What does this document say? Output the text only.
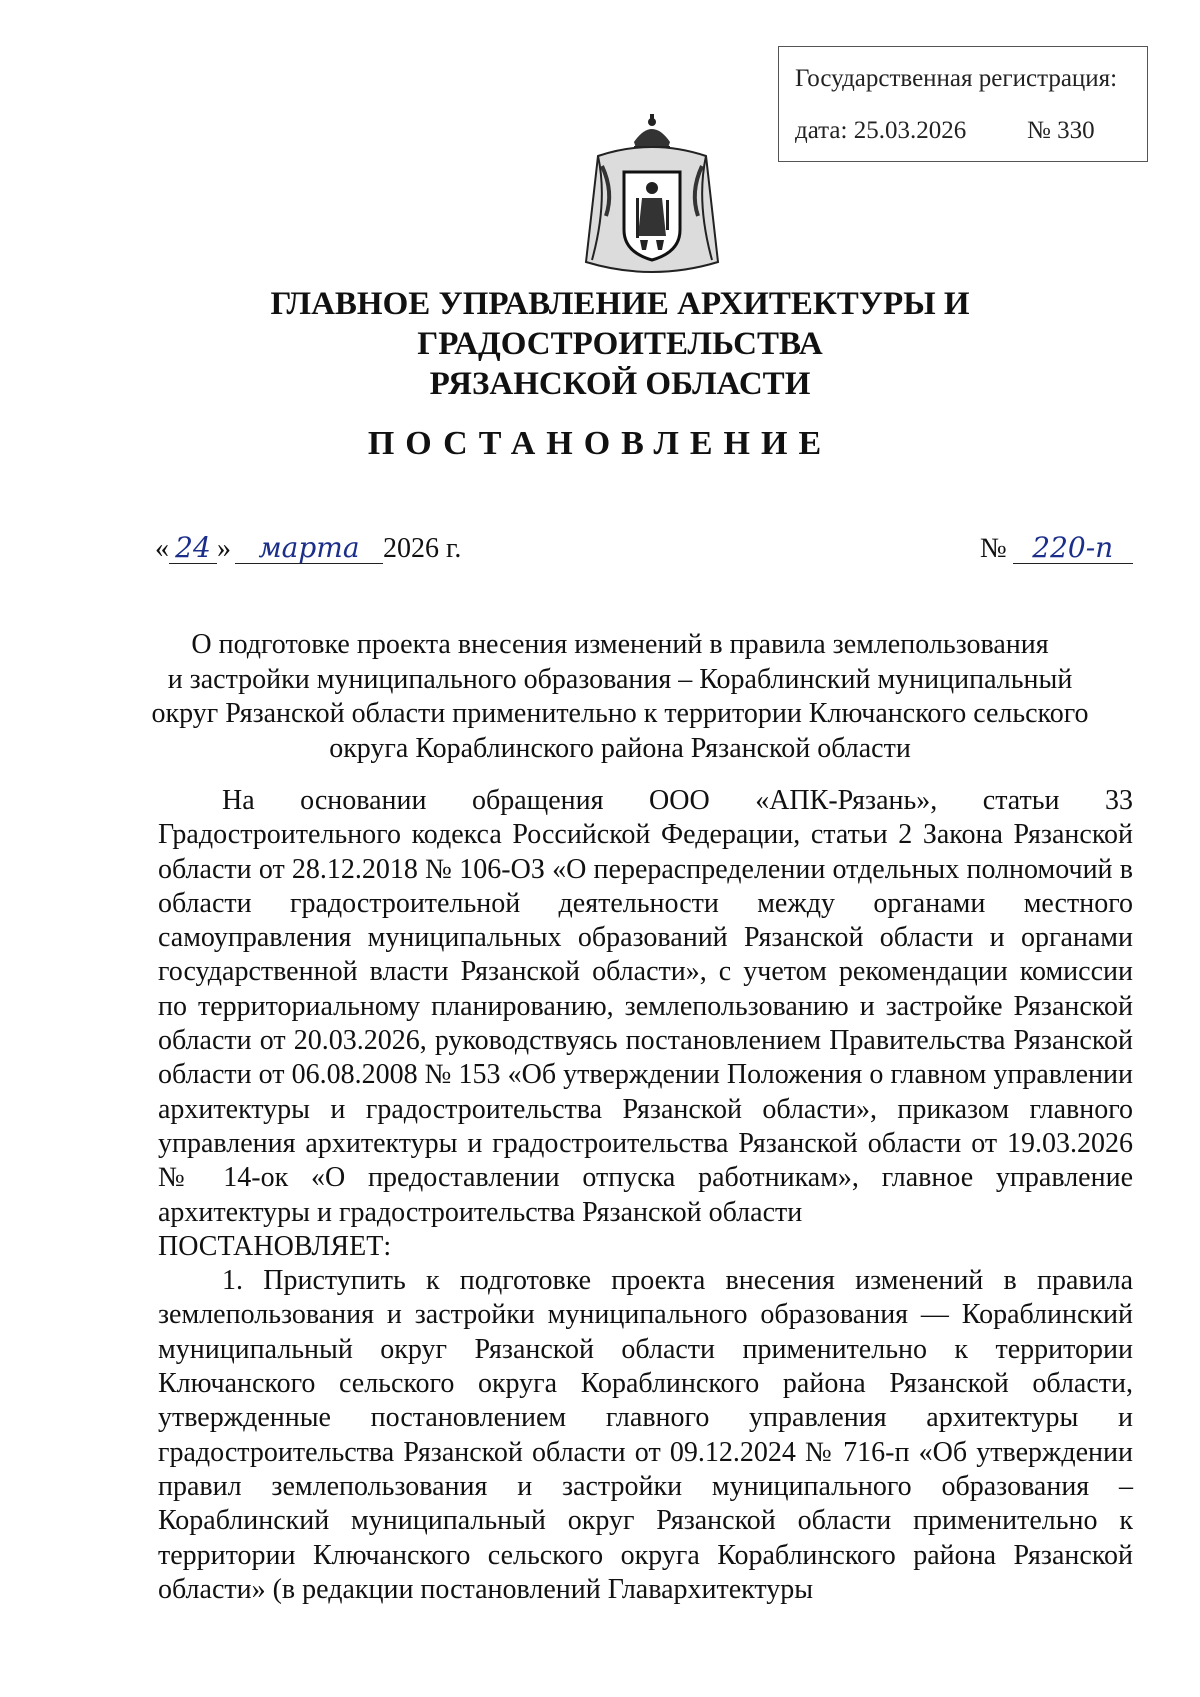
Государственная регистрация:
дата: 25.03.2026 № 330
ГЛАВНОЕ УПРАВЛЕНИЕ АРХИТЕКТУРЫ И ГРАДОСТРОИТЕЛЬСТВА
РЯЗАНСКОЙ ОБЛАСТИ
ПОСТАНОВЛЕНИЕ
« 24 » марта 2026 г.	№ 220-п
О подготовке проекта внесения изменений в правила землепользования
и застройки муниципального образования – Кораблинский муниципальный
округ Рязанской области применительно к территории Ключанского сельского
округа Кораблинского района Рязанской области

На основании обращения ООО «АПК-Рязань», статьи 33 Градостроительного кодекса Российской Федерации, статьи 2 Закона Рязанской области от 28.12.2018 № 106-ОЗ «О перераспределении отдельных полномочий в области градостроительной деятельности между органами местного самоуправления муниципальных образований Рязанской области и органами государственной власти Рязанской области», с учетом рекомендации комиссии по территориальному планированию, землепользованию и застройке Рязанской области от 20.03.2026, руководствуясь постановлением Правительства Рязанской области от 06.08.2008 № 153 «Об утверждении Положения о главном управлении архитектуры и градостроительства Рязанской области», приказом главного управления архитектуры и градостроительства Рязанской области от 19.03.2026 № 14-ок «О предоставлении отпуска работникам», главное управление архитектуры и градостроительства Рязанской области

ПОСТАНОВЛЯЕТ:

1. Приступить к подготовке проекта внесения изменений в правила землепользования и застройки муниципального образования — Кораблинский муниципальный округ Рязанской области применительно к территории Ключанского сельского округа Кораблинского района Рязанской области, утвержденные постановлением главного управления архитектуры и градостроительства Рязанской области от 09.12.2024 № 716-п «Об утверждении правил землепользования и застройки муниципального образования – Кораблинский муниципальный округ Рязанской области применительно к территории Ключанского сельского округа Кораблинского района Рязанской области» (в редакции постановлений Главархитектуры
